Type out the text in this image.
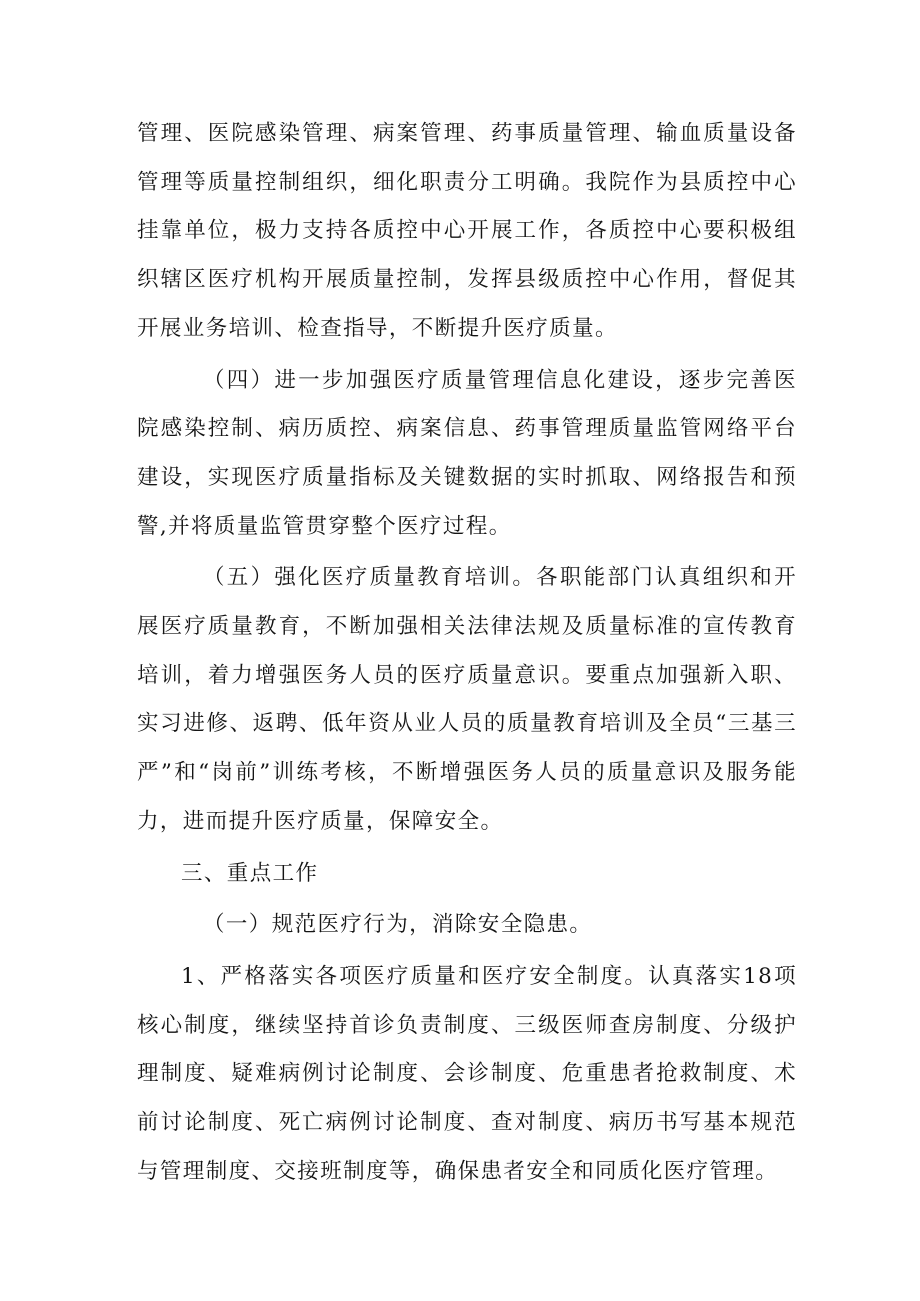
管理、医院感染管理、病案管理、药事质量管理、输血质量设备管理等质量控制组织，细化职责分工明确。我院作为县质控中心挂靠单位，极力支持各质控中心开展工作，各质控中心要积极组织辖区医疗机构开展质量控制，发挥县级质控中心作用，督促其开展业务培训、检查指导，不断提升医疗质量。

（四）进一步加强医疗质量管理信息化建设，逐步完善医院感染控制、病历质控、病案信息、药事管理质量监管网络平台建设，实现医疗质量指标及关键数据的实时抓取、网络报告和预警,并将质量监管贯穿整个医疗过程。

（五）强化医疗质量教育培训。各职能部门认真组织和开展医疗质量教育，不断加强相关法律法规及质量标准的宣传教育培训，着力增强医务人员的医疗质量意识。要重点加强新入职、实习进修、返聘、低年资从业人员的质量教育培训及全员“三基三严”和“岗前”训练考核，不断增强医务人员的质量意识及服务能力，进而提升医疗质量，保障安全。

三、重点工作

（一）规范医疗行为，消除安全隐患。

1、严格落实各项医疗质量和医疗安全制度。认真落实18项核心制度，继续坚持首诊负责制度、三级医师查房制度、分级护理制度、疑难病例讨论制度、会诊制度、危重患者抢救制度、术前讨论制度、死亡病例讨论制度、查对制度、病历书写基本规范与管理制度、交接班制度等，确保患者安全和同质化医疗管理。
